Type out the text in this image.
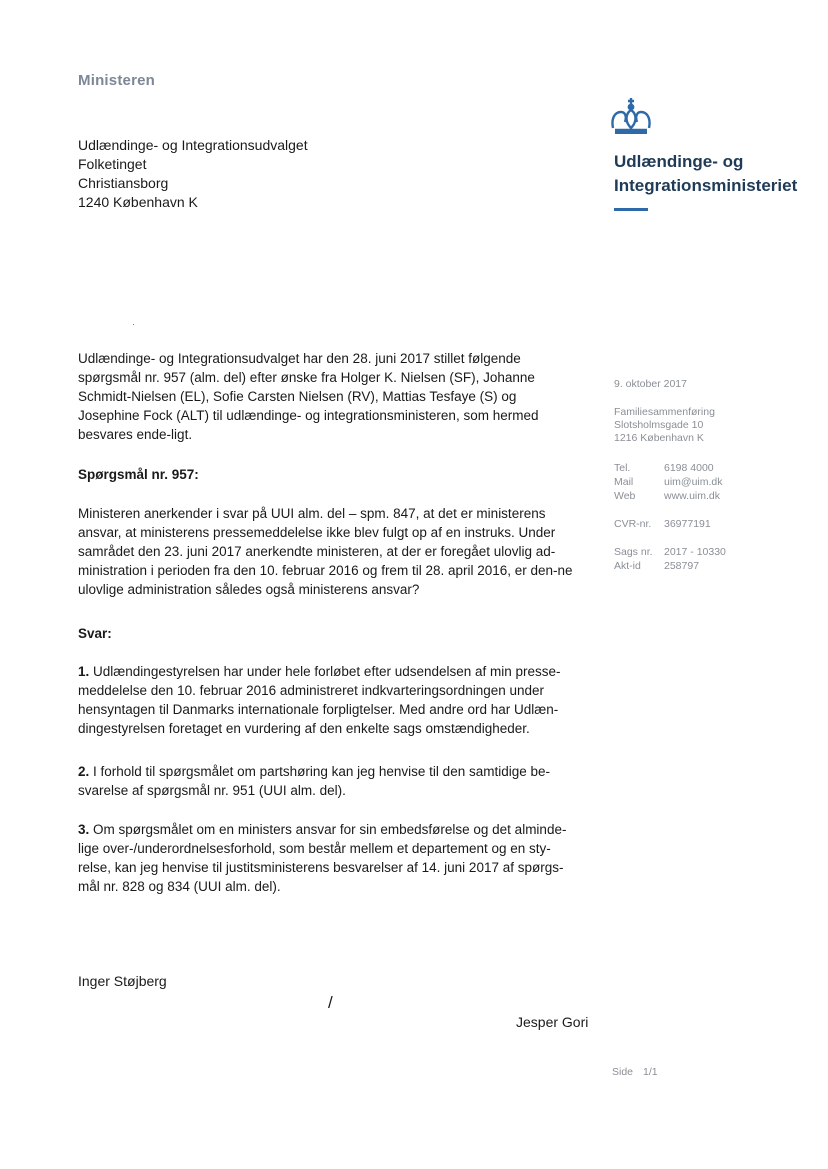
Ministeren
Udlændinge- og Integrationsudvalget
Folketinget
Christiansborg
1240 København K
Udlændinge- og
Integrationsministeriet

Udlændinge- og Integrationsudvalget har den 28. juni 2017 stillet følgende spørgsmål nr. 957 (alm. del) efter ønske fra Holger K. Nielsen (SF), Johanne Schmidt-Nielsen (EL), Sofie Carsten Nielsen (RV), Mattias Tesfaye (S) og Josephine Fock (ALT) til udlændinge- og integrationsministeren, som hermed besvares ende-ligt.

Spørgsmål nr. 957:

Ministeren anerkender i svar på UUI alm. del – spm. 847, at det er ministerens ansvar, at ministerens pressemeddelelse ikke blev fulgt op af en instruks. Under samrådet den 23. juni 2017 anerkendte ministeren, at der er foregået ulovlig ad-ministration i perioden fra den 10. februar 2016 og frem til 28. april 2016, er den-ne ulovlige administration således også ministerens ansvar?

Svar:

1. Udlændingestyrelsen har under hele forløbet efter udsendelsen af min presse-meddelelse den 10. februar 2016 administreret indkvarteringsordningen under hensyntagen til Danmarks internationale forpligtelser. Med andre ord har Udlæn-dingestyrelsen foretaget en vurdering af den enkelte sags omstændigheder.

2. I forhold til spørgsmålet om partshøring kan jeg henvise til den samtidige be-svarelse af spørgsmål nr. 951 (UUI alm. del).

3. Om spørgsmålet om en ministers ansvar for sin embedsførelse og det alminde-lige over-/underordnelsesforhold, som består mellem et departement og en sty-relse, kan jeg henvise til justitsministerens besvarelser af 14. juni 2017 af spørgs-mål nr. 828 og 834 (UUI alm. del).

9. oktober 2017
Familiesammenføring
Slotsholmsgade 10
1216 København K
Tel.	6198 4000
Mail	uim@uim.dk
Web	www.uim.dk
CVR-nr. 36977191
Sags nr. 2017 - 10330
Akt-id 258797
Inger Støjberg
/
Jesper Gori
Side 1/1
